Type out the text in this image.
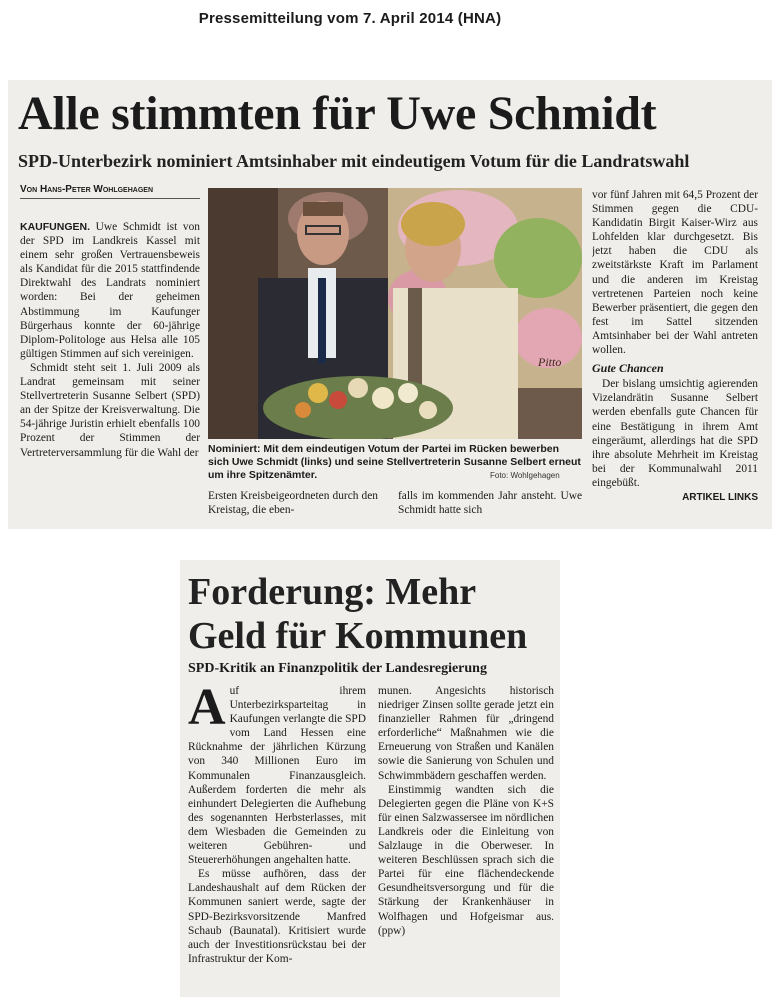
Pressemitteilung vom 7. April 2014 (HNA)
Alle stimmten für Uwe Schmidt
SPD-Unterbezirk nominiert Amtsinhaber mit eindeutigem Votum für die Landratswahl
Von Hans-Peter Wohlgehagen

KAUFUNGEN. Uwe Schmidt ist von der SPD im Landkreis Kassel mit einem sehr großen Vertrauensbeweis als Kandidat für die 2015 stattfindende Direktwahl des Landrats nominiert worden: Bei der geheimen Abstimmung im Kaufunger Bürgerhaus konnte der 60-jährige Diplom-Politologe aus Helsa alle 105 gültigen Stimmen auf sich vereinigen.

Schmidt steht seit 1. Juli 2009 als Landrat gemeinsam mit seiner Stellvertreterin Susanne Selbert (SPD) an der Spitze der Kreisverwaltung. Die 54-jährige Juristin erhielt ebenfalls 100 Prozent der Stimmen der Vertreterversammlung für die Wahl der

Pitto
Nominiert: Mit dem eindeutigen Votum der Partei im Rücken bewerben sich Uwe Schmidt (links) und seine Stellvertreterin Susanne Selbert erneut um ihre Spitzenämter.	Foto: Wohlgehagen
Ersten Kreisbeigeordneten durch den Kreistag, die eben-
falls im kommenden Jahr ansteht. Uwe Schmidt hatte sich

vor fünf Jahren mit 64,5 Prozent der Stimmen gegen die CDU-Kandidatin Birgit Kaiser-Wirz aus Lohfelden klar durchgesetzt. Bis jetzt haben die CDU als zweitstärkste Kraft im Parlament und die anderen im Kreistag vertretenen Parteien noch keine Bewerber präsentiert, die gegen den fest im Sattel sitzenden Amtsinhaber bei der Wahl antreten wollen.

Gute Chancen

Der bislang umsichtig agierenden Vizelandrätin Susanne Selbert werden ebenfalls gute Chancen für eine Bestätigung in ihrem Amt eingeräumt, allerdings hat die SPD ihre absolute Mehrheit im Kreistag bei der Kommunalwahl 2011 eingebüßt.

ARTIKEL LINKS
Forderung: Mehr Geld für Kommunen
SPD-Kritik an Finanzpolitik der Landesregierung

Auf ihrem Unterbezirksparteitag in Kaufungen verlangte die SPD vom Land Hessen eine Rücknahme der jährlichen Kürzung von 340 Millionen Euro im Kommunalen Finanzausgleich. Außerdem forderten die mehr als einhundert Delegierten die Aufhebung des sogenannten Herbsterlasses, mit dem Wiesbaden die Gemeinden zu weiteren Gebühren- und Steuererhöhungen angehalten hatte.

Es müsse aufhören, dass der Landeshaushalt auf dem Rücken der Kommunen saniert werde, sagte der SPD-Bezirksvorsitzende Manfred Schaub (Baunatal). Kritisiert wurde auch der Investitionsrückstau bei der Infrastruktur der Kom-

munen. Angesichts historisch niedriger Zinsen sollte gerade jetzt ein finanzieller Rahmen für „dringend erforderliche“ Maßnahmen wie die Erneuerung von Straßen und Kanälen sowie die Sanierung von Schulen und Schwimmbädern geschaffen werden.

Einstimmig wandten sich die Delegierten gegen die Pläne von K+S für einen Salzwassersee im nördlichen Landkreis oder die Einleitung von Salzlauge in die Oberweser. In weiteren Beschlüssen sprach sich die Partei für eine flächendeckende Gesundheitsversorgung und für die Stärkung der Krankenhäuser in Wolfhagen und Hofgeismar aus. (ppw)
